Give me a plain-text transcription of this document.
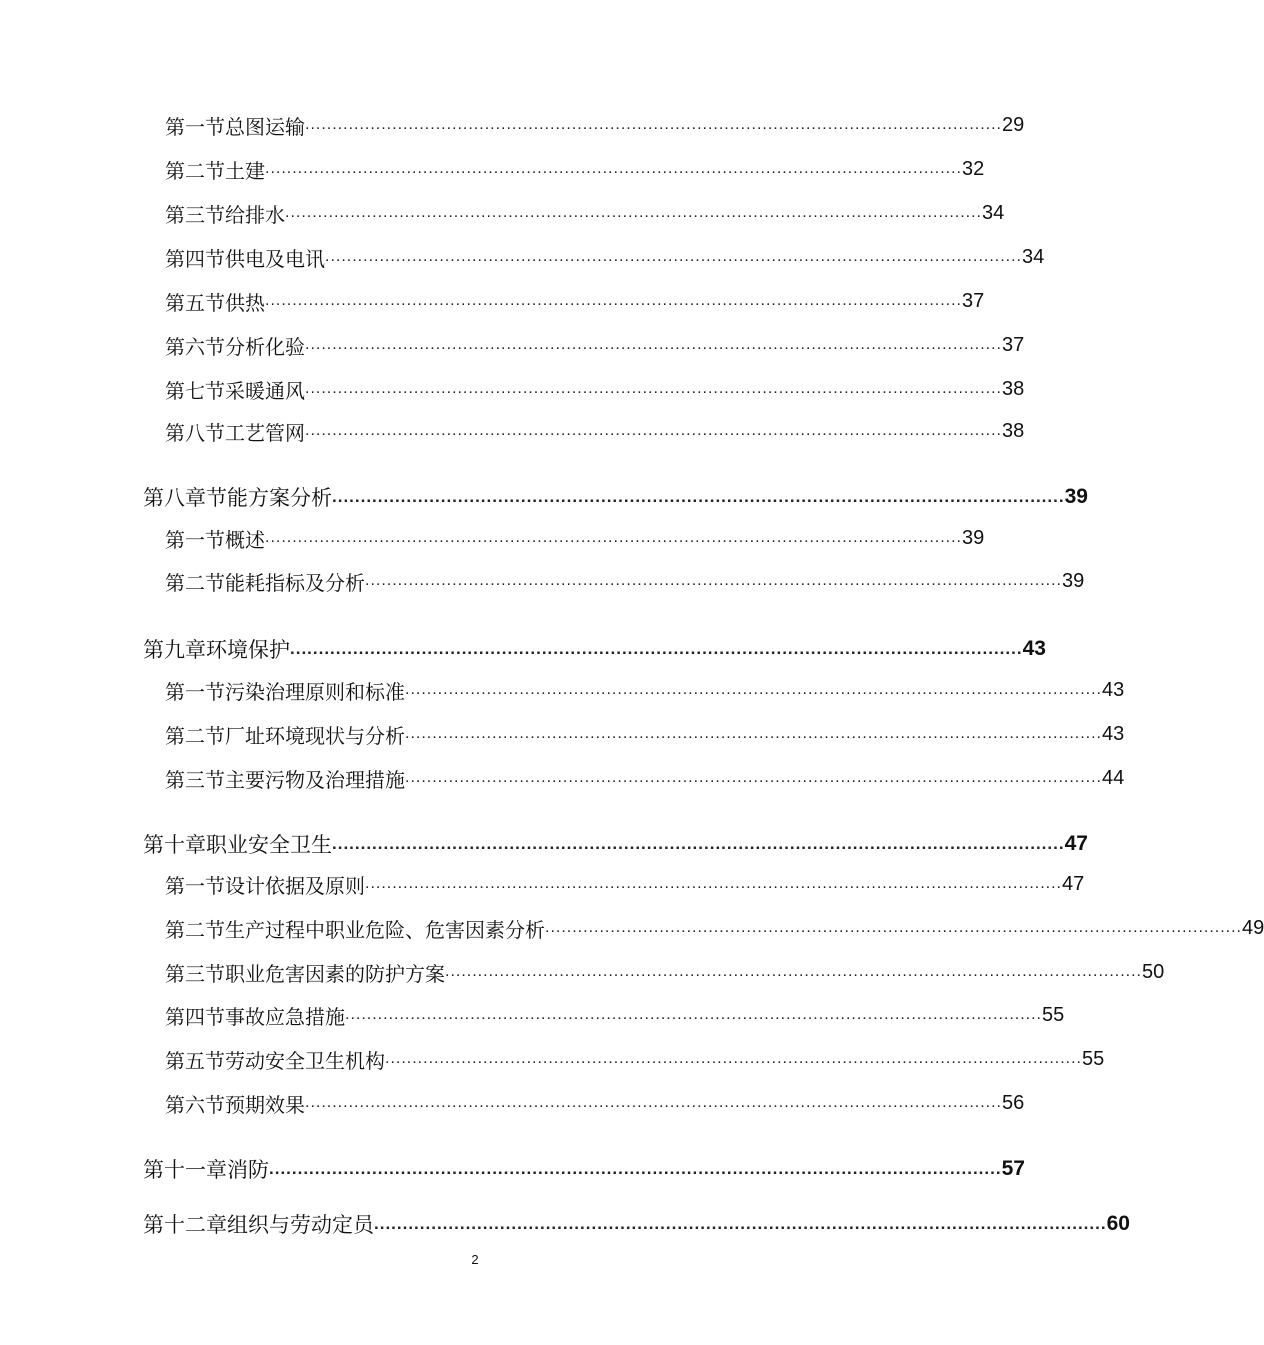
第一节 总图运输 ................................................................................................................................ 29
第二节 土建 ................................................................................................................................ 32
第三节 给排水 ................................................................................................................................ 34
第四节 供电及电讯 ................................................................................................................................ 34
第五节 供热 ................................................................................................................................ 37
第六节 分析化验 ................................................................................................................................ 37
第七节 采暖通风 ................................................................................................................................ 38
第八节 工艺管网 ................................................................................................................................ 38
第八章 节能方案分析 ................................................................................................................................ 39
第一节 概述 ................................................................................................................................ 39
第二节 能耗指标及分析 ................................................................................................................................ 39
第九章 环境保护 ................................................................................................................................ 43
第一节 污染治理原则和标准 ................................................................................................................................ 43
第二节 厂址环境现状与分析 ................................................................................................................................ 43
第三节 主要污物及治理措施 ................................................................................................................................ 44
第十章 职业安全卫生 ................................................................................................................................ 47
第一节 设计依据及原则 ................................................................................................................................ 47
第二节 生产过程中职业危险、危害因素分析 ................................................................................................................................ 49
第三节 职业危害因素的防护方案 ................................................................................................................................ 50
第四节 事故应急措施 ................................................................................................................................ 55
第五节 劳动安全卫生机构 ................................................................................................................................ 55
第六节 预期效果 ................................................................................................................................ 56
第十一章 消防 ................................................................................................................................ 57
第十二章 组织与劳动定员 ................................................................................................................................ 60
2
